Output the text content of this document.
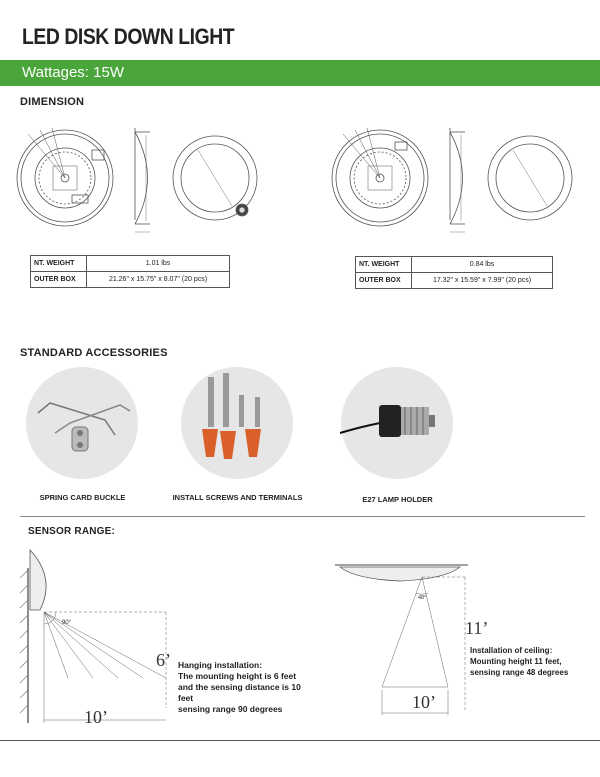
LED DISK DOWN LIGHT
Wattages: 15W
DIMENSION
NT. WEIGHT	1.01 lbs
OUTER BOX	21.26" x 15.75" x 8.07" (20 pcs)
NT. WEIGHT	0.84 lbs
OUTER BOX	17.32" x 15.59" x 7.99" (20 pcs)
STANDARD ACCESSORIES
SPRING CARD BUCKLE	INSTALL SCREWS AND TERMINALS	E27 LAMP HOLDER
SENSOR RANGE:
90°
6’
10’
Hanging installation:
The mounting height is 6 feet
and the sensing distance is 10
feet
sensing range 90 degrees
48°
11’
10’
Installation of ceiling:
Mounting height 11 feet,
sensing range 48 degrees
